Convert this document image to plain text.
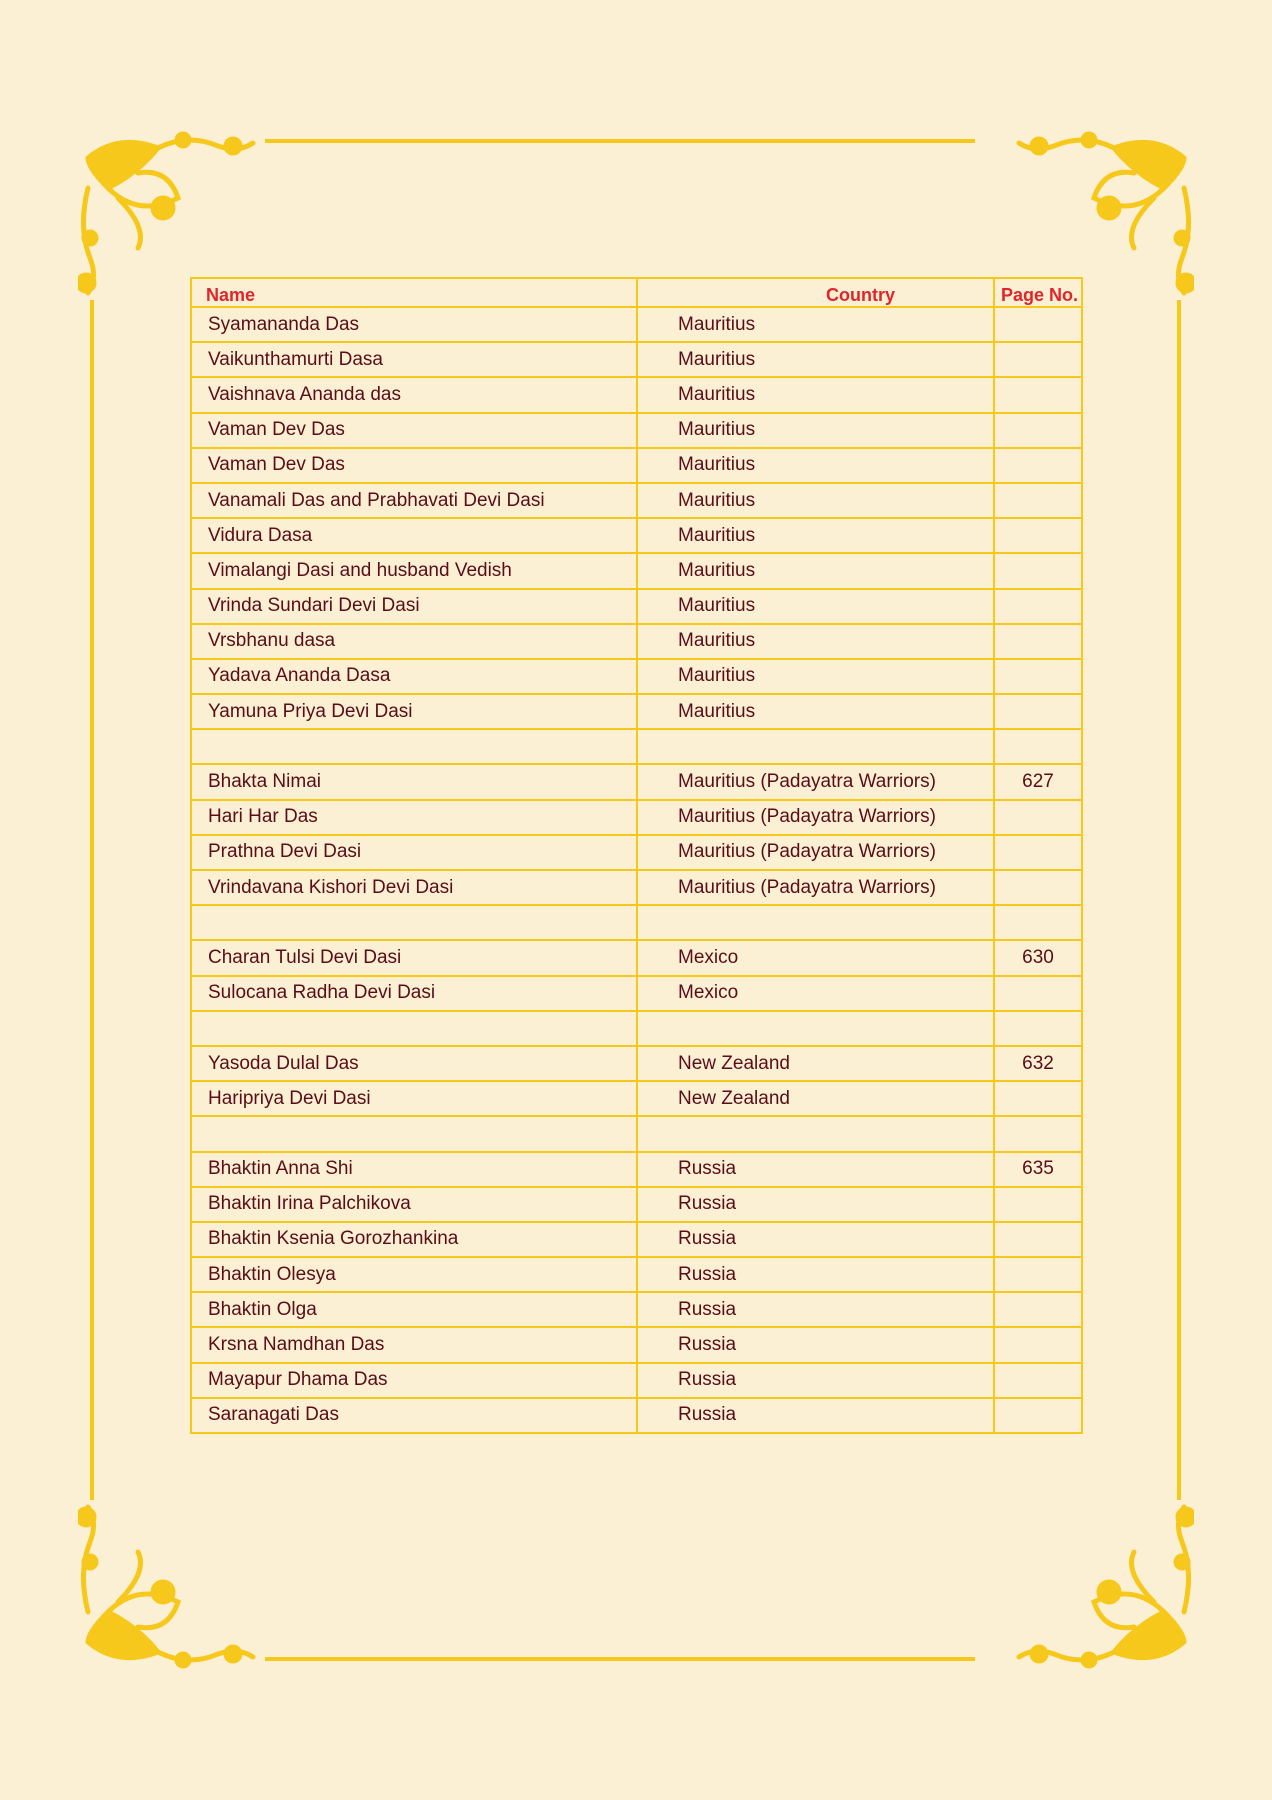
Name	Country	Page No.
Syamananda Das	Mauritius	
Vaikunthamurti Dasa	Mauritius	
Vaishnava Ananda das	Mauritius	
Vaman Dev Das	Mauritius	
Vaman Dev Das	Mauritius	
Vanamali Das and Prabhavati Devi Dasi	Mauritius	
Vidura Dasa	Mauritius	
Vimalangi Dasi and husband Vedish	Mauritius	
Vrinda Sundari Devi Dasi	Mauritius	
Vrsbhanu dasa	Mauritius	
Yadava Ananda Dasa	Mauritius	
Yamuna Priya Devi Dasi	Mauritius	

Bhakta Nimai	Mauritius (Padayatra Warriors)	627
Hari Har Das	Mauritius (Padayatra Warriors)	
Prathna Devi Dasi	Mauritius (Padayatra Warriors)	
Vrindavana Kishori Devi Dasi	Mauritius (Padayatra Warriors)	

Charan Tulsi Devi Dasi	Mexico	630
Sulocana Radha Devi Dasi	Mexico	

Yasoda Dulal Das	New Zealand	632
Haripriya Devi Dasi	New Zealand	

Bhaktin Anna Shi	Russia	635
Bhaktin Irina Palchikova	Russia	
Bhaktin Ksenia Gorozhankina	Russia	
Bhaktin Olesya	Russia	
Bhaktin Olga	Russia	
Krsna Namdhan Das	Russia	
Mayapur Dhama Das	Russia	
Saranagati Das	Russia	
